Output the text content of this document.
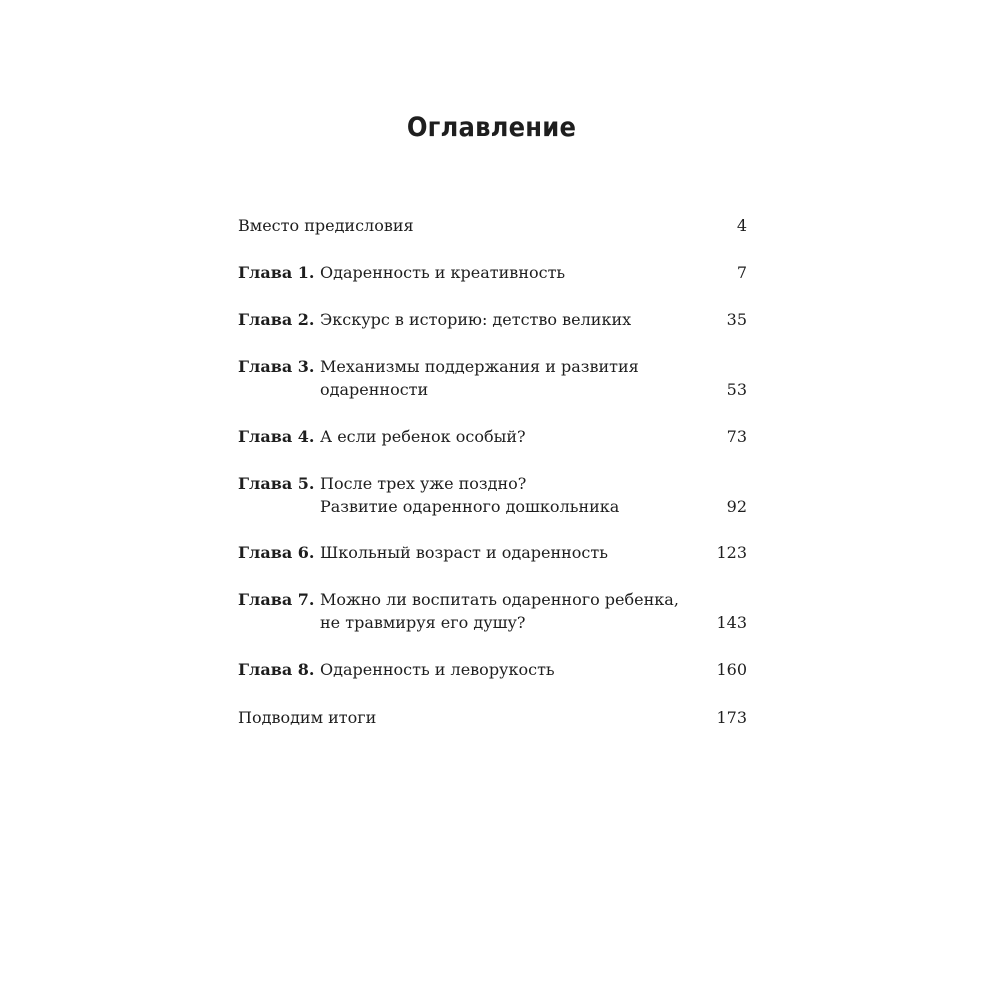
Оглавление
Вместо предисловия	4
Глава 1. Одаренность и креативность	7
Глава 2. Экскурс в историю: детство великих	35
Глава 3. Механизмы поддержания и развития
одаренности	53
Глава 4. А если ребенок особый?	73
Глава 5. После трех уже поздно?
Развитие одаренного дошкольника	92
Глава 6. Школьный возраст и одаренность	123
Глава 7. Можно ли воспитать одаренного ребенка,
не травмируя его душу?	143
Глава 8. Одаренность и леворукость	160
Подводим итоги	173
